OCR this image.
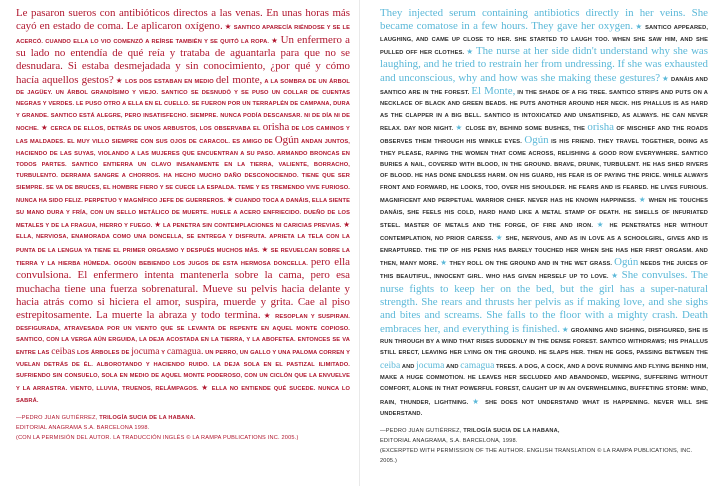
Le pasaron sueros con antibióticos directos a las venas. En unas horas más cayó en estado de coma. Le aplicaron oxígeno. ★ SANTICO APARECÍA RIÉNDOSE Y SE LE ACERCÓ. CUANDO ELLA LO VIO COMENZÓ A REÍRSE TAMBIÉN Y SE QUITÓ LA ROPA. ★ Un enfermero a su lado no entendía de qué reía y trataba de aguantarla para que no se desnudara. Si estaba desmejadada y sin conocimiento, ¿por qué y cómo hacía aquellos gestos? ★ LOS DOS ESTABAN EN MEDIO del monte, A LA SOMBRA DE UN ÁRBOL DE JAGÜEY. UN ÁRBOL GRANDÍSIMO Y VIEJO. SANTICO SE DESNUDÓ Y SE PUSO UN COLLAR DE CUENTAS NEGRAS Y VERDES. LE PUSO OTRO A ELLA EN EL CUELLO. SE FUERON POR UN TERRAPLÉN DE CAMPANA, DURA Y GRANDE. SANTICO ESTÁ ALEGRE, PERO INSATISFECHO. SIEMPRE. NUNCA PODÍA DESCANSAR. NI DE DÍA NI DE NOCHE. ★ CERCA DE ELLOS, DETRÁS DE UNOS ARBUSTOS, LOS OBSERVABA EL orisha DE LOS CAMINOS Y LAS MALDADES. EL MUY VILLO SIEMPRE CON SUS OJOS DE CARACOL. ES AMIGO DE Ogún ANDAN JUNTOS, HACIENDO DE LAS SUYAS, VIOLANDO A LAS MUJERES QUE ENCUENTRAN A SU PASO. ARMANDO BRONCAS EN TODOS PARTES. SANTICO ENTIERRA UN CLAVO INSANAMENTE EN LA TIERRA, VALIENTE, BORRACHO, TURBULENTO. DERRAMA SANGRE A CHORROS. HA HECHO MUCHO DAÑO DESCONOCIENDO. TIENE QUE SER SIEMPRE. SE VA DE BRUCES, EL HOMBRE FIERO Y SE CUECE LA ESPALDA. TEME Y ES TREMENDO VIVE FURIOSO. NUNCA HA SIDO FELIZ. PERPETUO Y MAGNÍFICO JEFE DE GUERREROS. ★ CUANDO TOCA A DANÁIS, ELLA SIENTE SU MANO DURA Y FRÍA, CON UN SELLO METÁLICO DE MUERTE. HUELE A ACERO ENFRIECIDO. DUEÑO DE LOS METALES Y DE LA FRAGUA, HIERRO Y FUEGO. ★ LA PENETRA SIN CONTEMPLACIONES NI CARICIAS PREVIAS. ★ ELLA, NERVIOSA, ENAMORADA COMO UNA DONCELLA, SE ENTREGA Y DISFRUTA. APRIETA LA TELA CON LA PUNTA DE LA LENGUA YA TIENE EL PRIMER ORGASMO Y DESPUÉS MUCHOS MÁS. ★ SE REVUELCAN SOBRE LA TIERRA Y LA HIERBA HÚMEDA. OGOÚN BEBIENDO LOS JUGOS DE ESTA HERMOSA DONCELLA. pero ella convulsiona. El enfermero intenta mantenerla sobre la cama, pero esa muchacha tiene una fuerza sobrenatural. Mueve su pelvis hacia delante y hacia atrás como si hiciera el amor, suspira, muerde y grita. Cae al piso estrepitosamente. La muerte la abraza y todo termina. ★ RESOPLAN Y SUSPIRAN. DESFIGURADA, ATRAVESADA POR UN VIENTO QUE SE LEVANTA DE REPENTE EN AQUEL MONTE COPIOSO. SANTICO, CON LA VERGA AÚN ERGUIDA, LA DEJA ACOSTADA EN LA TIERRA, Y LA ABOFETEA. ENTONCES SE VA ENTRE LAS ceibas LOS ÁRBOLES DE jocuma Y camagua. UN PERRO, UN GALLO Y UNA PALOMA CORREN Y VUELAN DETRÁS DE ÉL. ALBOROTANDO Y HACIENDO RUIDO. LA DEJA SOLA EN EL PASTIZAL ILIMITADO. SUFRIENDO SIN CONSUELO, SOLA EN MEDIO DE AQUEL MONTE PODEROSO, CON UN CICLÓN QUE LA ENVUELVE Y LA ARRASTRA. VIENTO, LLUVIA, TRUENOS, RELÁMPAGOS. ★ ELLA NO ENTIENDE QUÉ SUCEDE. NUNCA LO SABRÁ.

—PEDRO JUAN GUTIÉRREZ, TRILOGÍA SUCIA DE LA HABANA.

EDITORIAL ANAGRAMA S.A. BARCELONA 1998.

(CON LA PERMISIÓN DEL AUTOR. LA TRADUCCIÓN INGLÉS © LA RAMPA PUBLICATIONS INC. 2005.)

They injected serum containing antibiotics directly in her veins. She became comatose in a few hours. They gave her oxygen. ★ SANTICO APPEARED, LAUGHING, AND CAME UP CLOSE TO HER. SHE STARTED TO LAUGH TOO. WHEN SHE SAW HIM, AND SHE PULLED OFF HER CLOTHES. ★ The nurse at her side didn't understand why she was laughing, and he tried to restrain her from undressing. If she was exhausted and unconscious, why and how was she making these gestures? ★ DANÁIS AND SANTICO ARE IN THE FOREST. El Monte, IN THE SHADE OF A FIG TREE. SANTICO STRIPS AND PUTS ON A NECKLACE OF BLACK AND GREEN BEADS. HE PUTS ANOTHER AROUND HER NECK. HIS PHALLUS IS AS HARD AS THE CLAPPER IN A BIG BELL. SANTICO IS INTOXICATED AND UNSATISFIED, AS ALWAYS. HE CAN NEVER RELAX. DAY NOR NIGHT. ★ CLOSE BY, BEHIND SOME BUSHES, THE orisha OF MISCHIEF AND THE ROADS OBSERVES THEM THROUGH HIS WINKLE EYES. Ogún IS HIS FRIEND. THEY TRAVEL TOGETHER, DOING AS THEY PLEASE, RAPING THE WOMEN THAT COME ACROSS, RELISHING & GOOD ROW EVERYWHERE. SANTICO BURIES A NAIL, COVERED WITH BLOOD, IN THE GROUND. BRAVE, DRUNK, TURBULENT. HE HAS SHED RIVERS OF BLOOD. HE HAS DONE ENDLESS HARM. ON HIS GUARD, HIS FEAR IS OF PAYING THE PRICE. WHILE ALWAYS FRONT AND FORWARD, HE LOOKS, TOO, OVER HIS SHOULDER. HE FEARS AND IS FEARED. HE LIVES FURIOUS. MAGNIFICENT AND PERPETUAL WARRIOR CHIEF. NEVER HAS HE KNOWN HAPPINESS. ★ WHEN HE TOUCHES DANÁIS, SHE FEELS HIS COLD, HARD HAND LIKE A METAL STAMP OF DEATH. HE SMELLS OF INFURIATED STEEL. MASTER OF METALS AND THE FORGE, OF FIRE AND IRON. ★ HE PENETRATES HER WITHOUT CONTEMPLATION, NO PRIOR CARESS. ★ SHE, NERVOUS, AND AS IN LOVE AS A SCHOOLGIRL, GIVES AND IS ENRAPTURED. THE TIP OF HIS PENIS HAS BARELY TOUCHED HER WHEN SHE HAS HER FIRST ORGASM. AND THEN, MANY MORE. ★ THEY ROLL ON THE GROUND AND IN THE WET GRASS. Ogún NEEDS THE JUICES OF THIS BEAUTIFUL, INNOCENT GIRL. WHO HAS GIVEN HERSELF UP TO LOVE. ★ She convulses. The nurse fights to keep her on the bed, but the girl has a super-natural strength. She rears and thrusts her pelvis as if making love, and she sighs and bites and screams. She falls to the floor with a mighty crash. Death embraces her, and everything is finished. ★ GROANING AND SIGHING, DISFIGURED, SHE IS RUN THROUGH BY A WIND THAT RISES SUDDENLY IN THE DENSE FOREST. SANTICO WITHDRAWS; HIS PHALLUS STILL ERECT, LEAVING HER LYING ON THE GROUND. HE SLAPS HER. THEN HE GOES, PASSING BETWEEN THE ceiba AND jocuma AND camagua TREES. A DOG, A COCK, AND A DOVE RUNNING AND FLYING BEHIND HIM, MAKE A HUGE COMMOTION. HE LEAVES HER SECLUDED AND ABANDONED, WEEPING, SUFFERING WITHOUT COMFORT, ALONE IN THAT POWERFUL FOREST, CAUGHT UP IN AN OVERWHELMING, BUFFETING STORM: WIND, RAIN, THUNDER, LIGHTNING. ★ SHE DOES NOT UNDERSTAND WHAT IS HAPPENING. NEVER WILL SHE UNDERSTAND.

—PEDRO JUAN GUTIÉRREZ, TRILOGÍA SUCIA DE LA HABANA,

EDITORIAL ANAGRAMA, S.A. BARCELONA, 1998.

(EXCERPTED WITH PERMISSION OF THE AUTHOR. ENGLISH TRANSLATION © LA RAMPA PUBLICATIONS, INC. 2005.)
